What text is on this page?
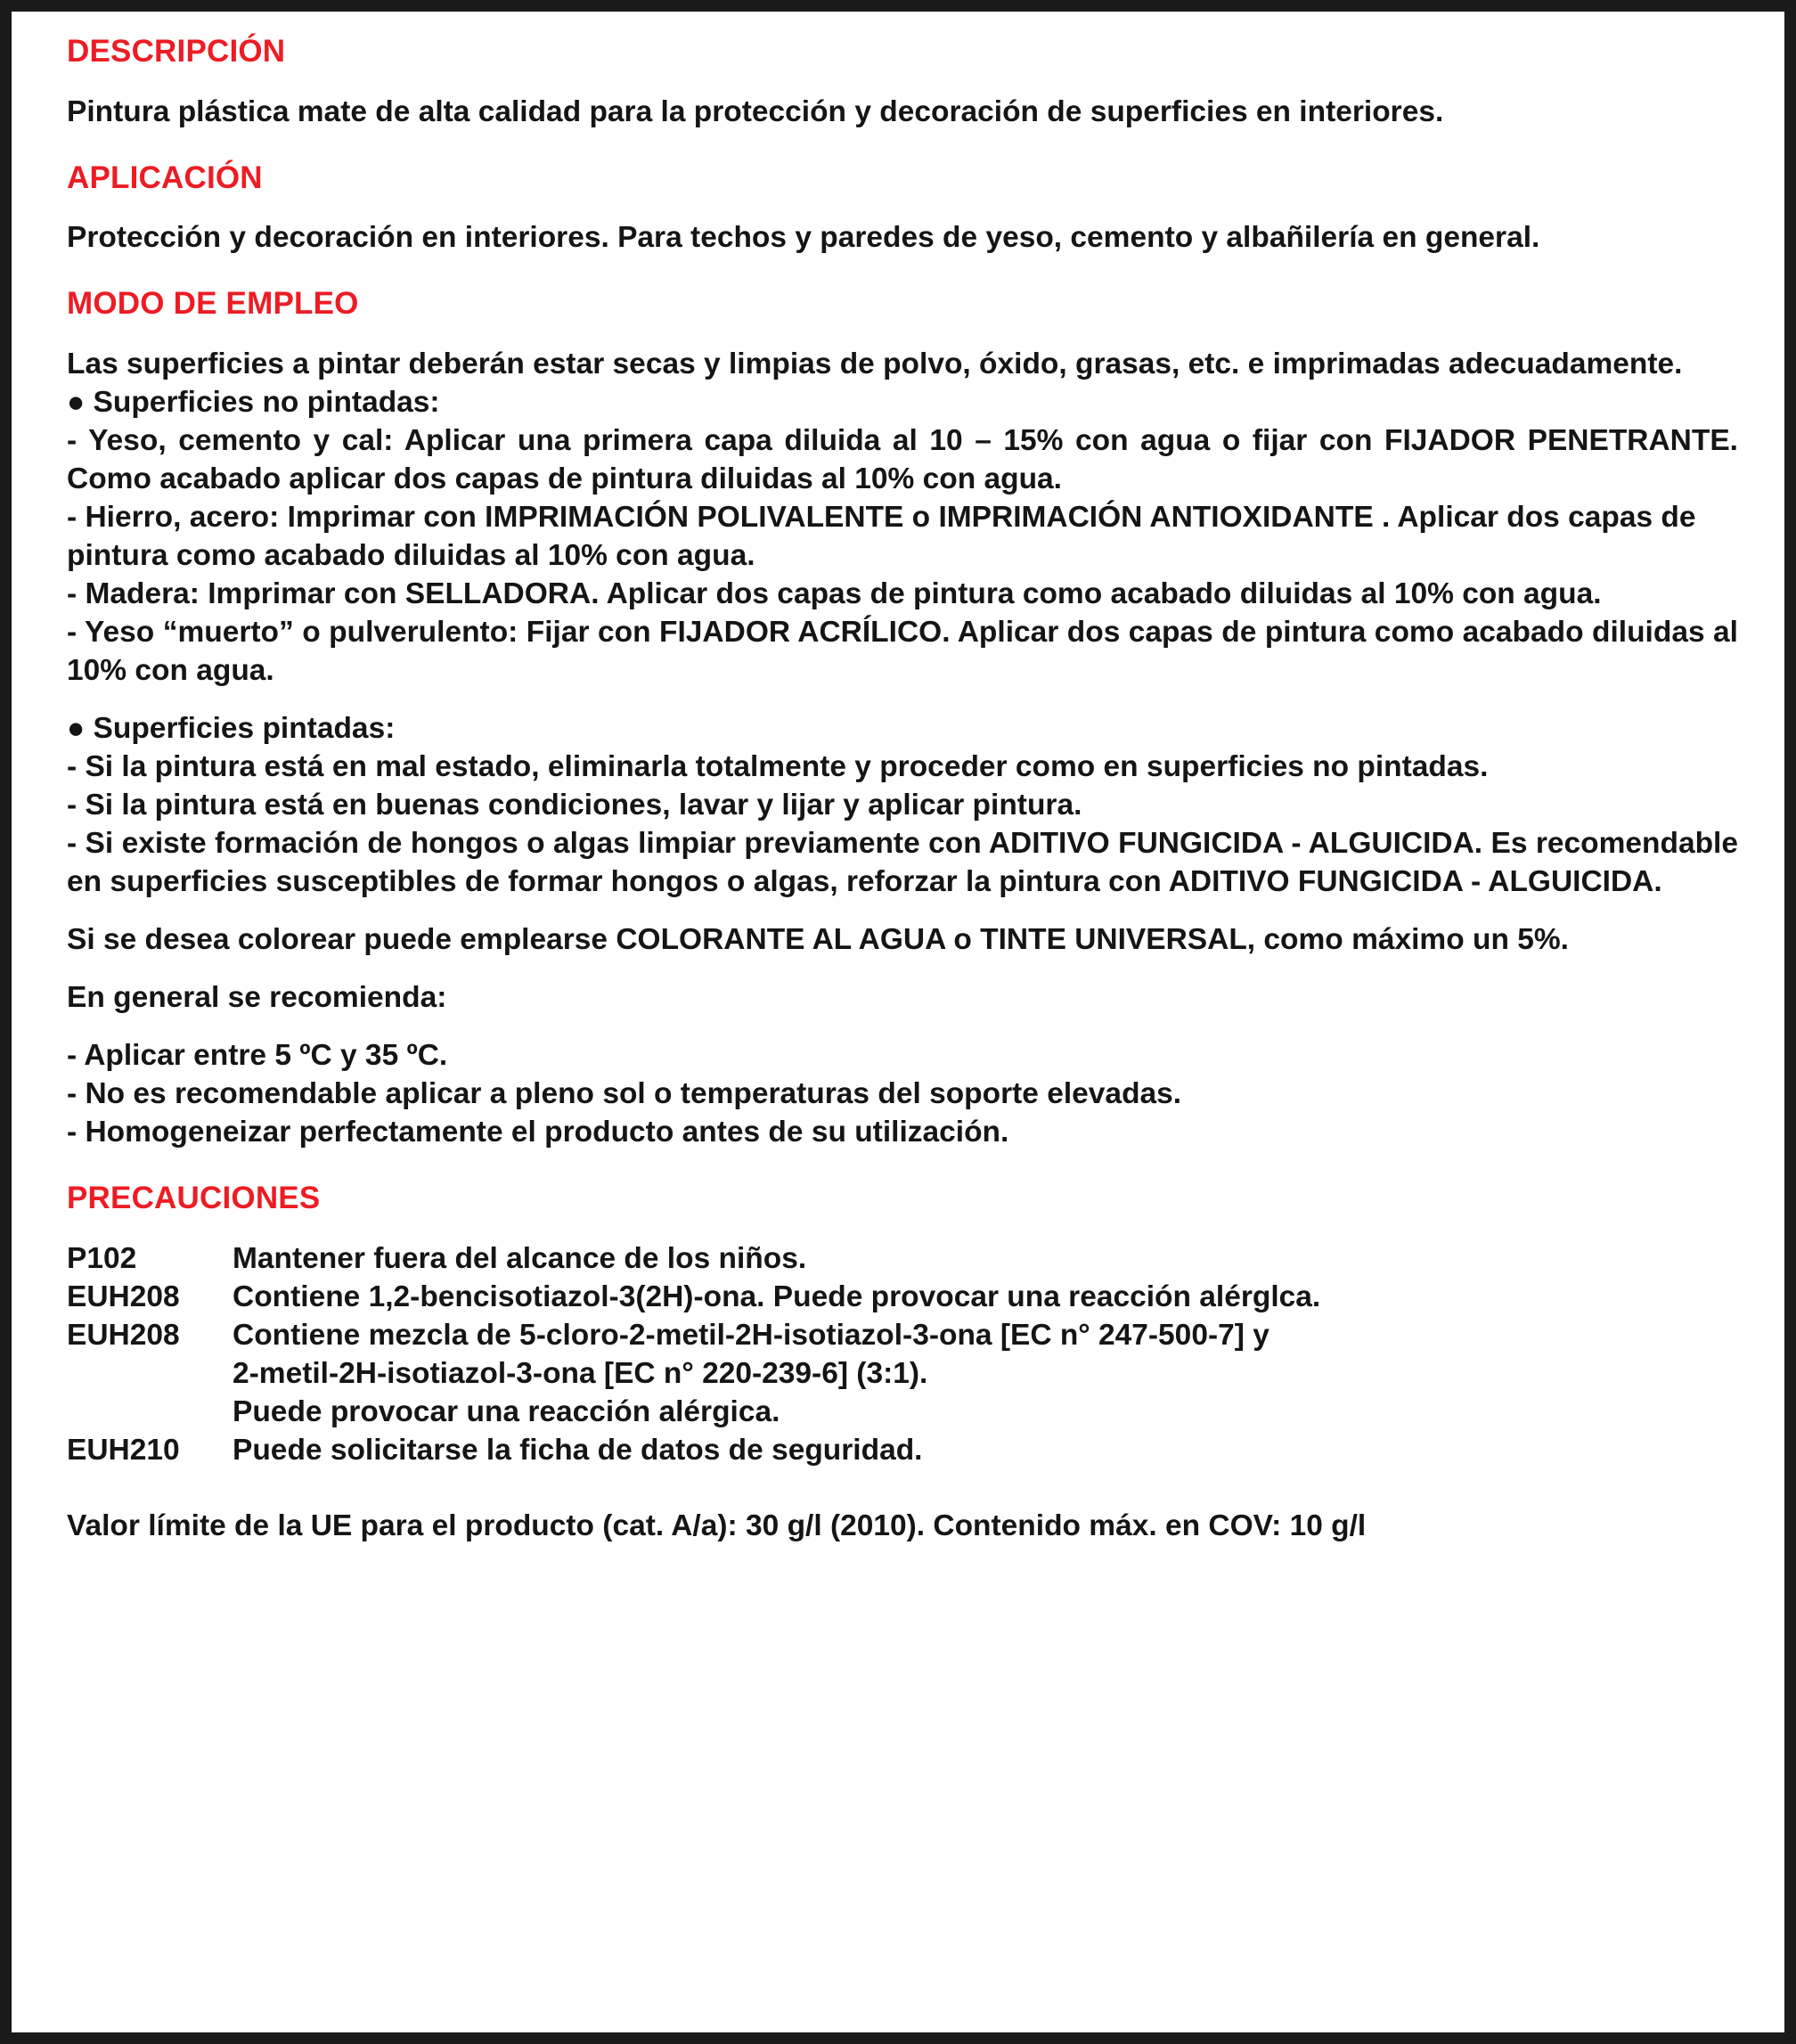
DESCRIPCIÓN

Pintura plástica mate de alta calidad para la protección y decoración de superficies en interiores.

APLICACIÓN

Protección y decoración en interiores. Para techos y paredes de yeso, cemento y albañilería en general.

MODO DE EMPLEO

Las superficies a pintar deberán estar secas y limpias de polvo, óxido, grasas, etc. e imprimadas adecuadamente.

● Superficies no pintadas:

- Yeso, cemento y cal: Aplicar una primera capa diluida al 10 – 15% con agua o fijar con FIJADOR PENETRANTE. Como acabado aplicar dos capas de pintura diluidas al 10% con agua.

- Hierro, acero: Imprimar con IMPRIMACIÓN POLIVALENTE o IMPRIMACIÓN ANTIOXIDANTE . Aplicar dos capas de pintura como acabado diluidas al 10% con agua.

- Madera: Imprimar con SELLADORA. Aplicar dos capas de pintura como acabado diluidas al 10% con agua.

- Yeso “muerto” o pulverulento: Fijar con FIJADOR ACRÍLICO. Aplicar dos capas de pintura como acabado diluidas al 10% con agua.

● Superficies pintadas:

- Si la pintura está en mal estado, eliminarla totalmente y proceder como en superficies no pintadas.

- Si la pintura está en buenas condiciones, lavar y lijar y aplicar pintura.

- Si existe formación de hongos o algas limpiar previamente con ADITIVO FUNGICIDA - ALGUICIDA. Es recomendable en superficies susceptibles de formar hongos o algas, reforzar la pintura con ADITIVO FUNGICIDA - ALGUICIDA.

Si se desea colorear puede emplearse COLORANTE AL AGUA o TINTE UNIVERSAL, como máximo un 5%.

En general se recomienda:

- Aplicar entre 5 ºC y 35 ºC.

- No es recomendable aplicar a pleno sol o temperaturas del soporte elevadas.

- Homogeneizar perfectamente el producto antes de su utilización.

PRECAUCIONES
P102	Mantener fuera del alcance de los niños.
EUH208	Contiene 1,2-bencisotiazol-3(2H)-ona. Puede provocar una reacción alérglca.
EUH208	Contiene mezcla de 5-cloro-2-metil-2H-isotiazol-3-ona [EC n° 247-500-7] y
2-metil-2H-isotiazol-3-ona [EC n° 220-239-6] (3:1).
Puede provocar una reacción alérgica.

EUH210	Puede solicitarse la ficha de datos de seguridad.

Valor límite de la UE para el producto (cat. A/a): 30 g/l (2010). Contenido máx. en COV: 10 g/l
